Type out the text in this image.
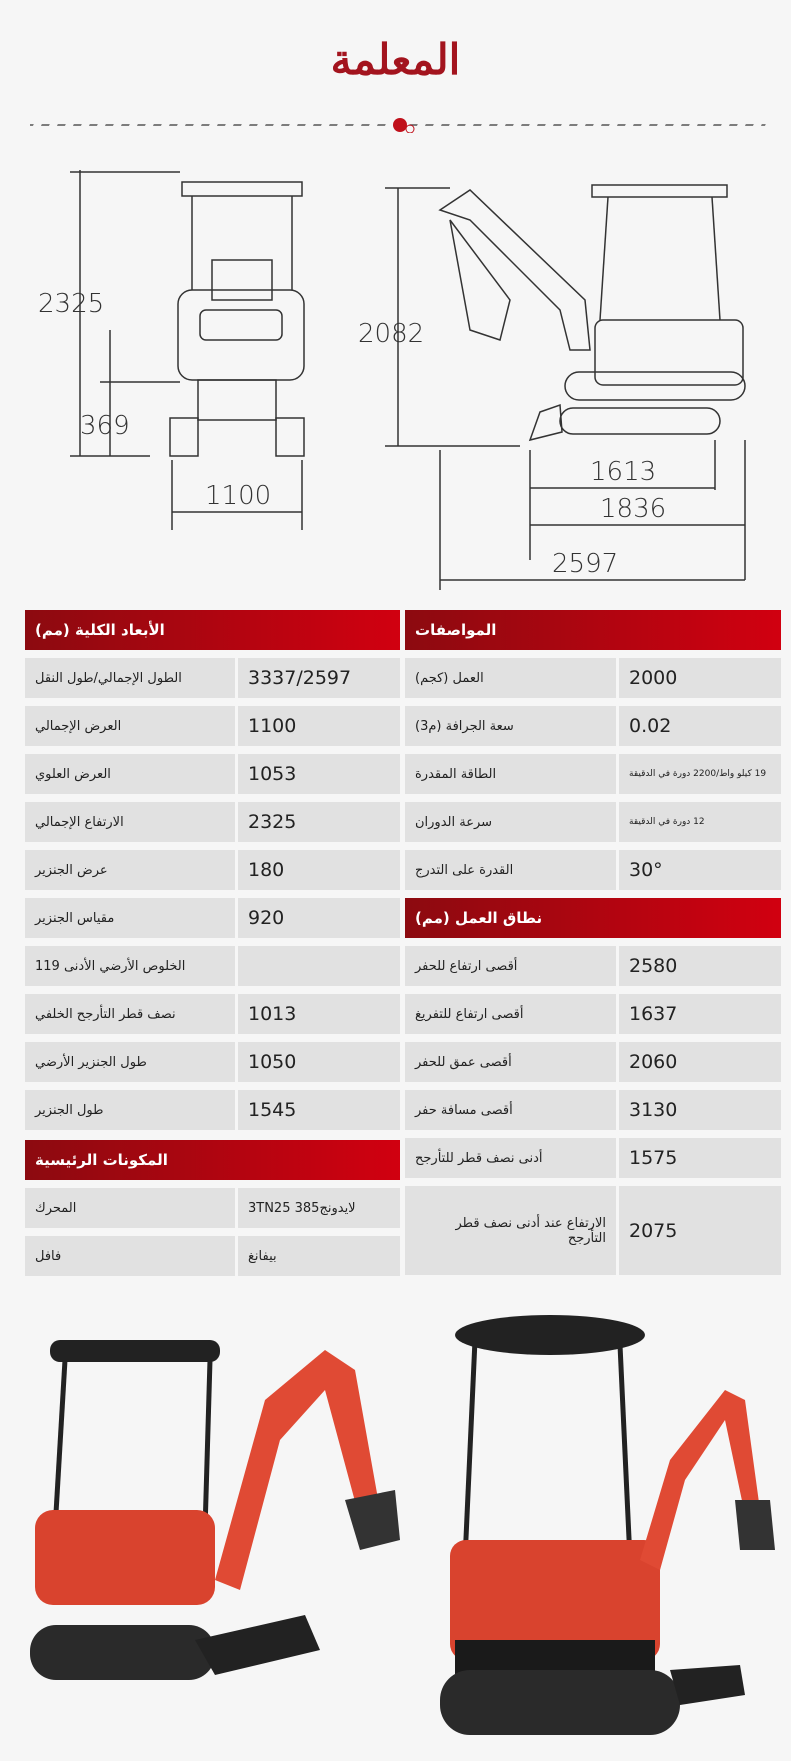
المعلمة
2325
369
1100
2082
1613
1836
2597
الأبعاد الكلية (مم)
الطول الإجمالي/طول النقل	3337/2597
العرض الإجمالي	1100
العرض العلوي	1053
الارتفاع الإجمالي	2325
عرض الجنزير	180
مقياس الجنزير	920
الخلوص الأرضي الأدنى 119
نصف قطر التأرجح الخلفي	1013
طول الجنزير الأرضي	1050
طول الجنزير	1545
المكونات الرئيسية
المحرك	لايدونج385 3TN25
فافل	بيفانغ
المواصفات
العمل (كجم)	2000
سعة الجرافة (م3)	0.02
الطاقة المقدرة	19 كيلو واط/2200 دورة في الدقيقة
سرعة الدوران	12 دورة في الدقيقة
القدرة على التدرج	30°
نطاق العمل (مم)
أقصى ارتفاع للحفر	2580
أقصى ارتفاع للتفريغ	1637
أقصى عمق للحفر	2060
أقصى مسافة حفر	3130
أدنى نصف قطر للتأرجح	1575
الارتفاع عند أدنى نصف قطر التأرجح	2075
